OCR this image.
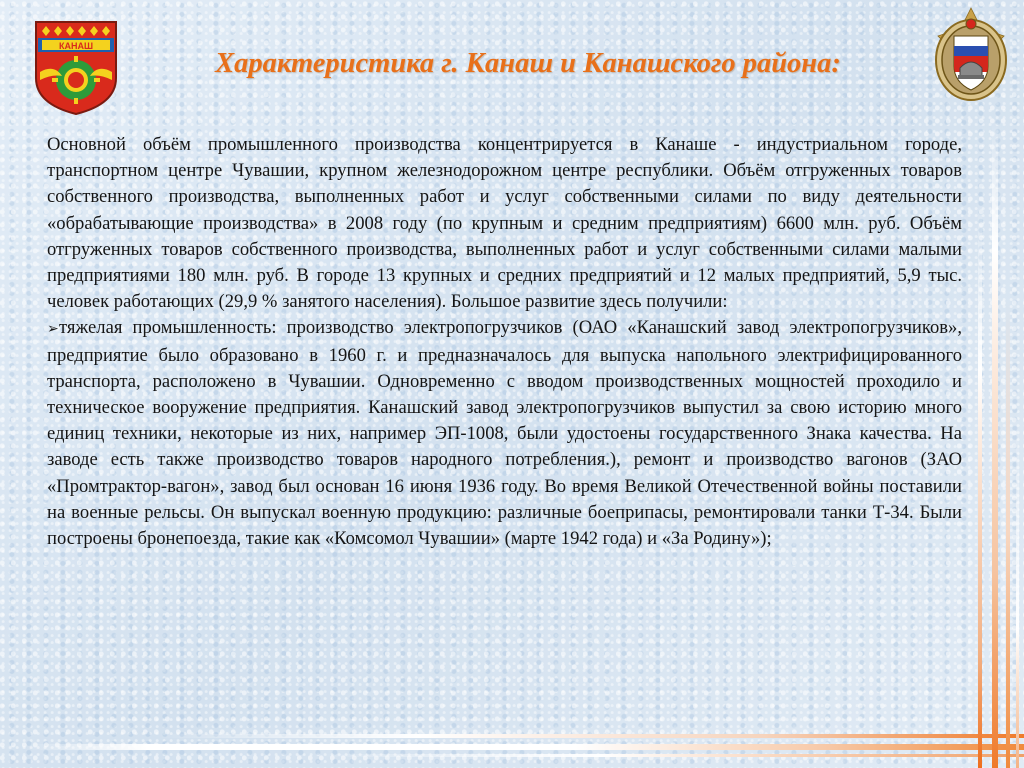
КАНАШ
Характеристика г. Канаш и Канашского района:

Основной объём промышленного производства концентрируется в Канаше - индустриальном городе, транспортном центре Чувашии, крупном железнодорожном центре республики. Объём отгруженных товаров собственного производства, выполненных работ и услуг собственными силами по виду деятельности «обрабатывающие производства» в 2008 году (по крупным и средним предприятиям) 6600 млн. руб. Объём отгруженных товаров собственного производства, выполненных работ и услуг собственными силами малыми предприятиями 180 млн. руб. В городе 13 крупных и средних предприятий и 12 малых предприятий, 5,9 тыс. человек работающих (29,9 % занятого населения). Большое развитие здесь получили:

➢тяжелая промышленность: производство электропогрузчиков (ОАО «Канашский завод электропогрузчиков», предприятие было образовано в 1960 г. и предназначалось для выпуска напольного электрифицированного транспорта, расположено в Чувашии. Одновременно с вводом производственных мощностей проходило и техническое вооружение предприятия. Канашский завод электропогрузчиков выпустил за свою историю много единиц техники, некоторые из них, например ЭП-1008, были удостоены государственного Знака качества. На заводе есть также производство товаров народного потребления.), ремонт и производство вагонов (ЗАО «Промтрактор-вагон», завод был основан 16 июня 1936 году. Во время Великой Отечественной войны поставили на военные рельсы. Он выпускал военную продукцию: различные боеприпасы, ремонтировали танки Т-34. Были построены бронепоезда, такие как «Комсомол Чувашии» (марте 1942 года) и «За Родину»);
